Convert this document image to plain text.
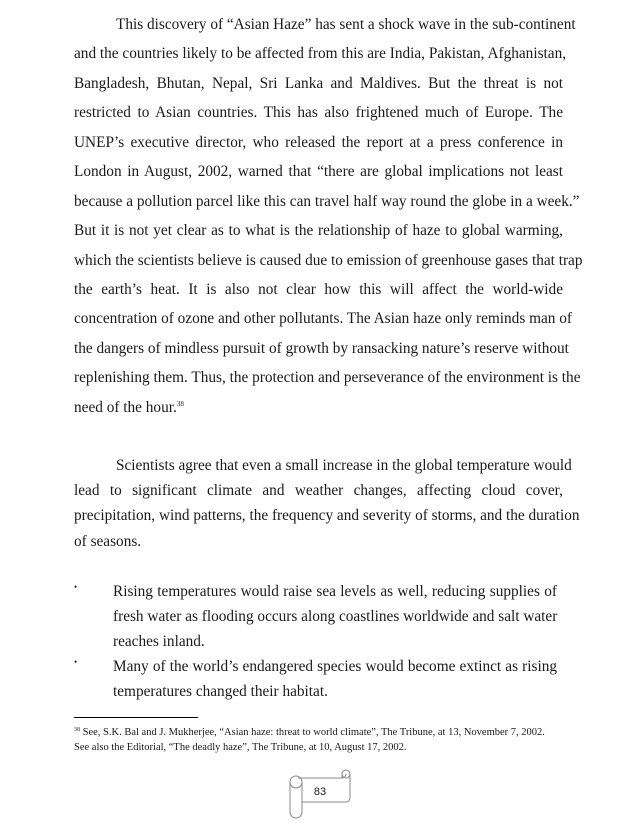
This discovery of “Asian Haze” has sent a shock wave in the sub-continent
and the countries likely to be affected from this are India, Pakistan, Afghanistan,
Bangladesh, Bhutan, Nepal, Sri Lanka and Maldives. But the threat is not
restricted to Asian countries. This has also frightened much of Europe. The
UNEP’s executive director, who released the report at a press conference in
London in August, 2002, warned that “there are global implications not least
because a pollution parcel like this can travel half way round the globe in a week.”
But it is not yet clear as to what is the relationship of haze to global warming,
which the scientists believe is caused due to emission of greenhouse gases that trap
the earth’s heat. It is also not clear how this will affect the world-wide
concentration of ozone and other pollutants. The Asian haze only reminds man of
the dangers of mindless pursuit of growth by ransacking nature’s reserve without
replenishing them. Thus, the protection and perseverance of the environment is the
need of the hour.$^{38}$
Scientists agree that even a small increase in the global temperature would
lead to significant climate and weather changes, affecting cloud cover,
precipitation, wind patterns, the frequency and severity of storms, and the duration
of seasons.
• Rising temperatures would raise sea levels as well, reducing supplies of
fresh water as flooding occurs along coastlines worldwide and salt water
reaches inland.
• Many of the world’s endangered species would become extinct as rising
temperatures changed their habitat.
$^{38}$ See, S.K. Bal and J. Mukherjee, “Asian haze: threat to world climate”, The Tribune, at 13, November 7, 2002.
See also the Editorial, “The deadly haze”, The Tribune, at 10, August 17, 2002.
83
